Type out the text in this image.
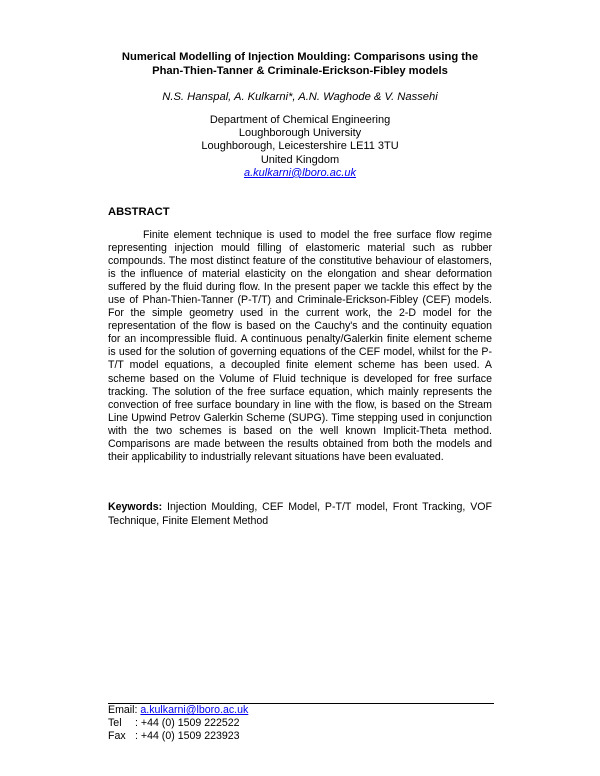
Numerical Modelling of Injection Moulding: Comparisons using the
Phan-Thien-Tanner & Criminale-Erickson-Fibley models
N.S. Hanspal, A. Kulkarni*, A.N. Waghode & V. Nassehi
Department of Chemical Engineering
Loughborough University
Loughborough, Leicestershire LE11 3TU
United Kingdom
a.kulkarni@lboro.ac.uk
ABSTRACT

Finite element technique is used to model the free surface flow regime representing injection mould filling of elastomeric material such as rubber compounds. The most distinct feature of the constitutive behaviour of elastomers, is the influence of material elasticity on the elongation and shear deformation suffered by the fluid during flow. In the present paper we tackle this effect by the use of Phan-Thien-Tanner (P-T/T) and Criminale-Erickson-Fibley (CEF) models. For the simple geometry used in the current work, the 2-D model for the representation of the flow is based on the Cauchy's and the continuity equation for an incompressible fluid. A continuous penalty/Galerkin finite element scheme is used for the solution of governing equations of the CEF model, whilst for the P-T/T model equations, a decoupled finite element scheme has been used. A scheme based on the Volume of Fluid technique is developed for free surface tracking. The solution of the free surface equation, which mainly represents the convection of free surface boundary in line with the flow, is based on the Stream Line Upwind Petrov Galerkin Scheme (SUPG). Time stepping used in conjunction with the two schemes is based on the well known Implicit-Theta method. Comparisons are made between the results obtained from both the models and their applicability to industrially relevant situations have been evaluated.

Keywords: Injection Moulding, CEF Model, P-T/T model, Front Tracking, VOF Technique, Finite Element Method

Email:
a.kulkarni@lboro.ac.uk
Tel	: +44 (0) 1509 222522
Fax : +44 (0) 1509 223923
